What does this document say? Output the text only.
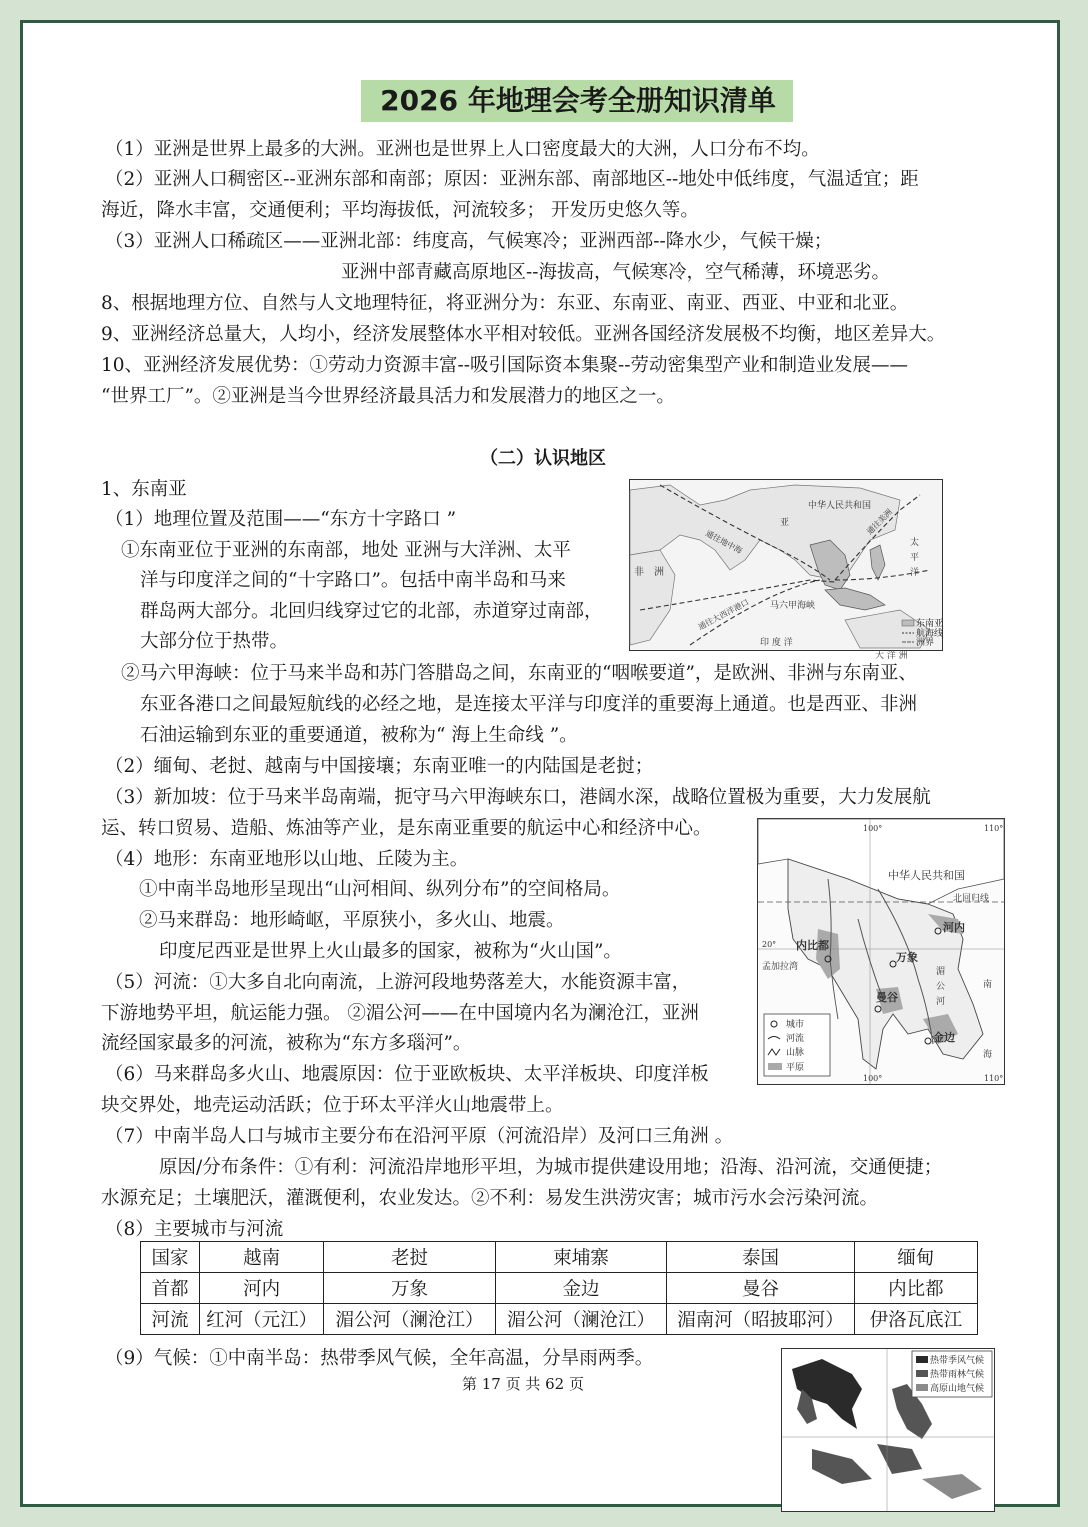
2026 年地理会考全册知识清单
（1）亚洲是世界上最多的大洲。亚洲也是世界上人口密度最大的大洲，人口分布不均。
（2）亚洲人口稠密区--亚洲东部和南部；原因：亚洲东部、南部地区--地处中低纬度，气温适宜；距
海近，降水丰富，交通便利；平均海拔低，河流较多； 开发历史悠久等。
（3）亚洲人口稀疏区——亚洲北部：纬度高，气候寒冷；亚洲西部--降水少，气候干燥；
亚洲中部青藏高原地区--海拔高，气候寒冷，空气稀薄，环境恶劣。
8、根据地理方位、自然与人文地理特征，将亚洲分为：东亚、东南亚、南亚、西亚、中亚和北亚。
9、亚洲经济总量大，人均小，经济发展整体水平相对较低。亚洲各国经济发展极不均衡，地区差异大。
10、亚洲经济发展优势：①劳动力资源丰富--吸引国际资本集聚--劳动密集型产业和制造业发展——
“世界工厂”。②亚洲是当今世界经济最具活力和发展潜力的地区之一。
（二）认识地区
1、东南亚
（1）地理位置及范围——“东方十字路口 ”
①东南亚位于亚洲的东南部，地处 亚洲与大洋洲、太平
洋与印度洋之间的“十字路口”。包括中南半岛和马来
群岛两大部分。北回归线穿过它的北部，赤道穿过南部，
大部分位于热带。
②马六甲海峡：位于马来半岛和苏门答腊岛之间，东南亚的“咽喉要道”，是欧洲、非洲与东南亚、
东亚各港口之间最短航线的必经之地，是连接太平洋与印度洋的重要海上通道。也是西亚、非洲
石油运输到东亚的重要通道，被称为“ 海上生命线 ”。
（2）缅甸、老挝、越南与中国接壤；东南亚唯一的内陆国是老挝；
（3）新加坡：位于马来半岛南端，扼守马六甲海峡东口，港阔水深，战略位置极为重要，大力发展航
运、转口贸易、造船、炼油等产业，是东南亚重要的航运中心和经济中心。
（4）地形：东南亚地形以山地、丘陵为主。
①中南半岛地形呈现出“山河相间、纵列分布”的空间格局。
②马来群岛：地形崎岖，平原狭小，多火山、地震。
印度尼西亚是世界上火山最多的国家，被称为“火山国”。
（5）河流：①大多自北向南流，上游河段地势落差大，水能资源丰富，
下游地势平坦，航运能力强。 ②湄公河——在中国境内名为澜沧江，亚洲
流经国家最多的河流，被称为“东方多瑙河”。
（6）马来群岛多火山、地震原因：位于亚欧板块、太平洋板块、印度洋板
块交界处，地壳运动活跃；位于环太平洋火山地震带上。
（7）中南半岛人口与城市主要分布在沿河平原（河流沿岸）及河口三角洲 。
原因/分布条件：①有利：河流沿岸地形平坦，为城市提供建设用地；沿海、沿河流，交通便捷；
水源充足；土壤肥沃，灌溉便利，农业发达。②不利：易发生洪涝灾害；城市污水会污染河流。
（8）主要城市与河流
国家	越南	老挝	柬埔寨	泰国	缅甸
首都	河内	万象	金边	曼谷	内比都
河流	红河（元江）	湄公河（澜沧江）	湄公河（澜沧江）	湄南河（昭披耶河）	伊洛瓦底江
（9）气候：①中南半岛：热带季风气候，全年高温，分旱雨两季。
中华人民共和国
亚
太
平
洋
非 洲
通往地中海
通往大西洋港口
通往美洲
马六甲海峡
印 度 洋
大 洋 洲
东南亚
航海线
洲界
中华人民共和国
北回归线
100°	110°
100°	110°
20° 内比都
河内
万象
曼谷
金边
孟加拉湾
南
海
湄
公
河
城市
河流
山脉
平原
热带季风气候
热带雨林气候
高原山地气候
第 17 页 共 62 页
